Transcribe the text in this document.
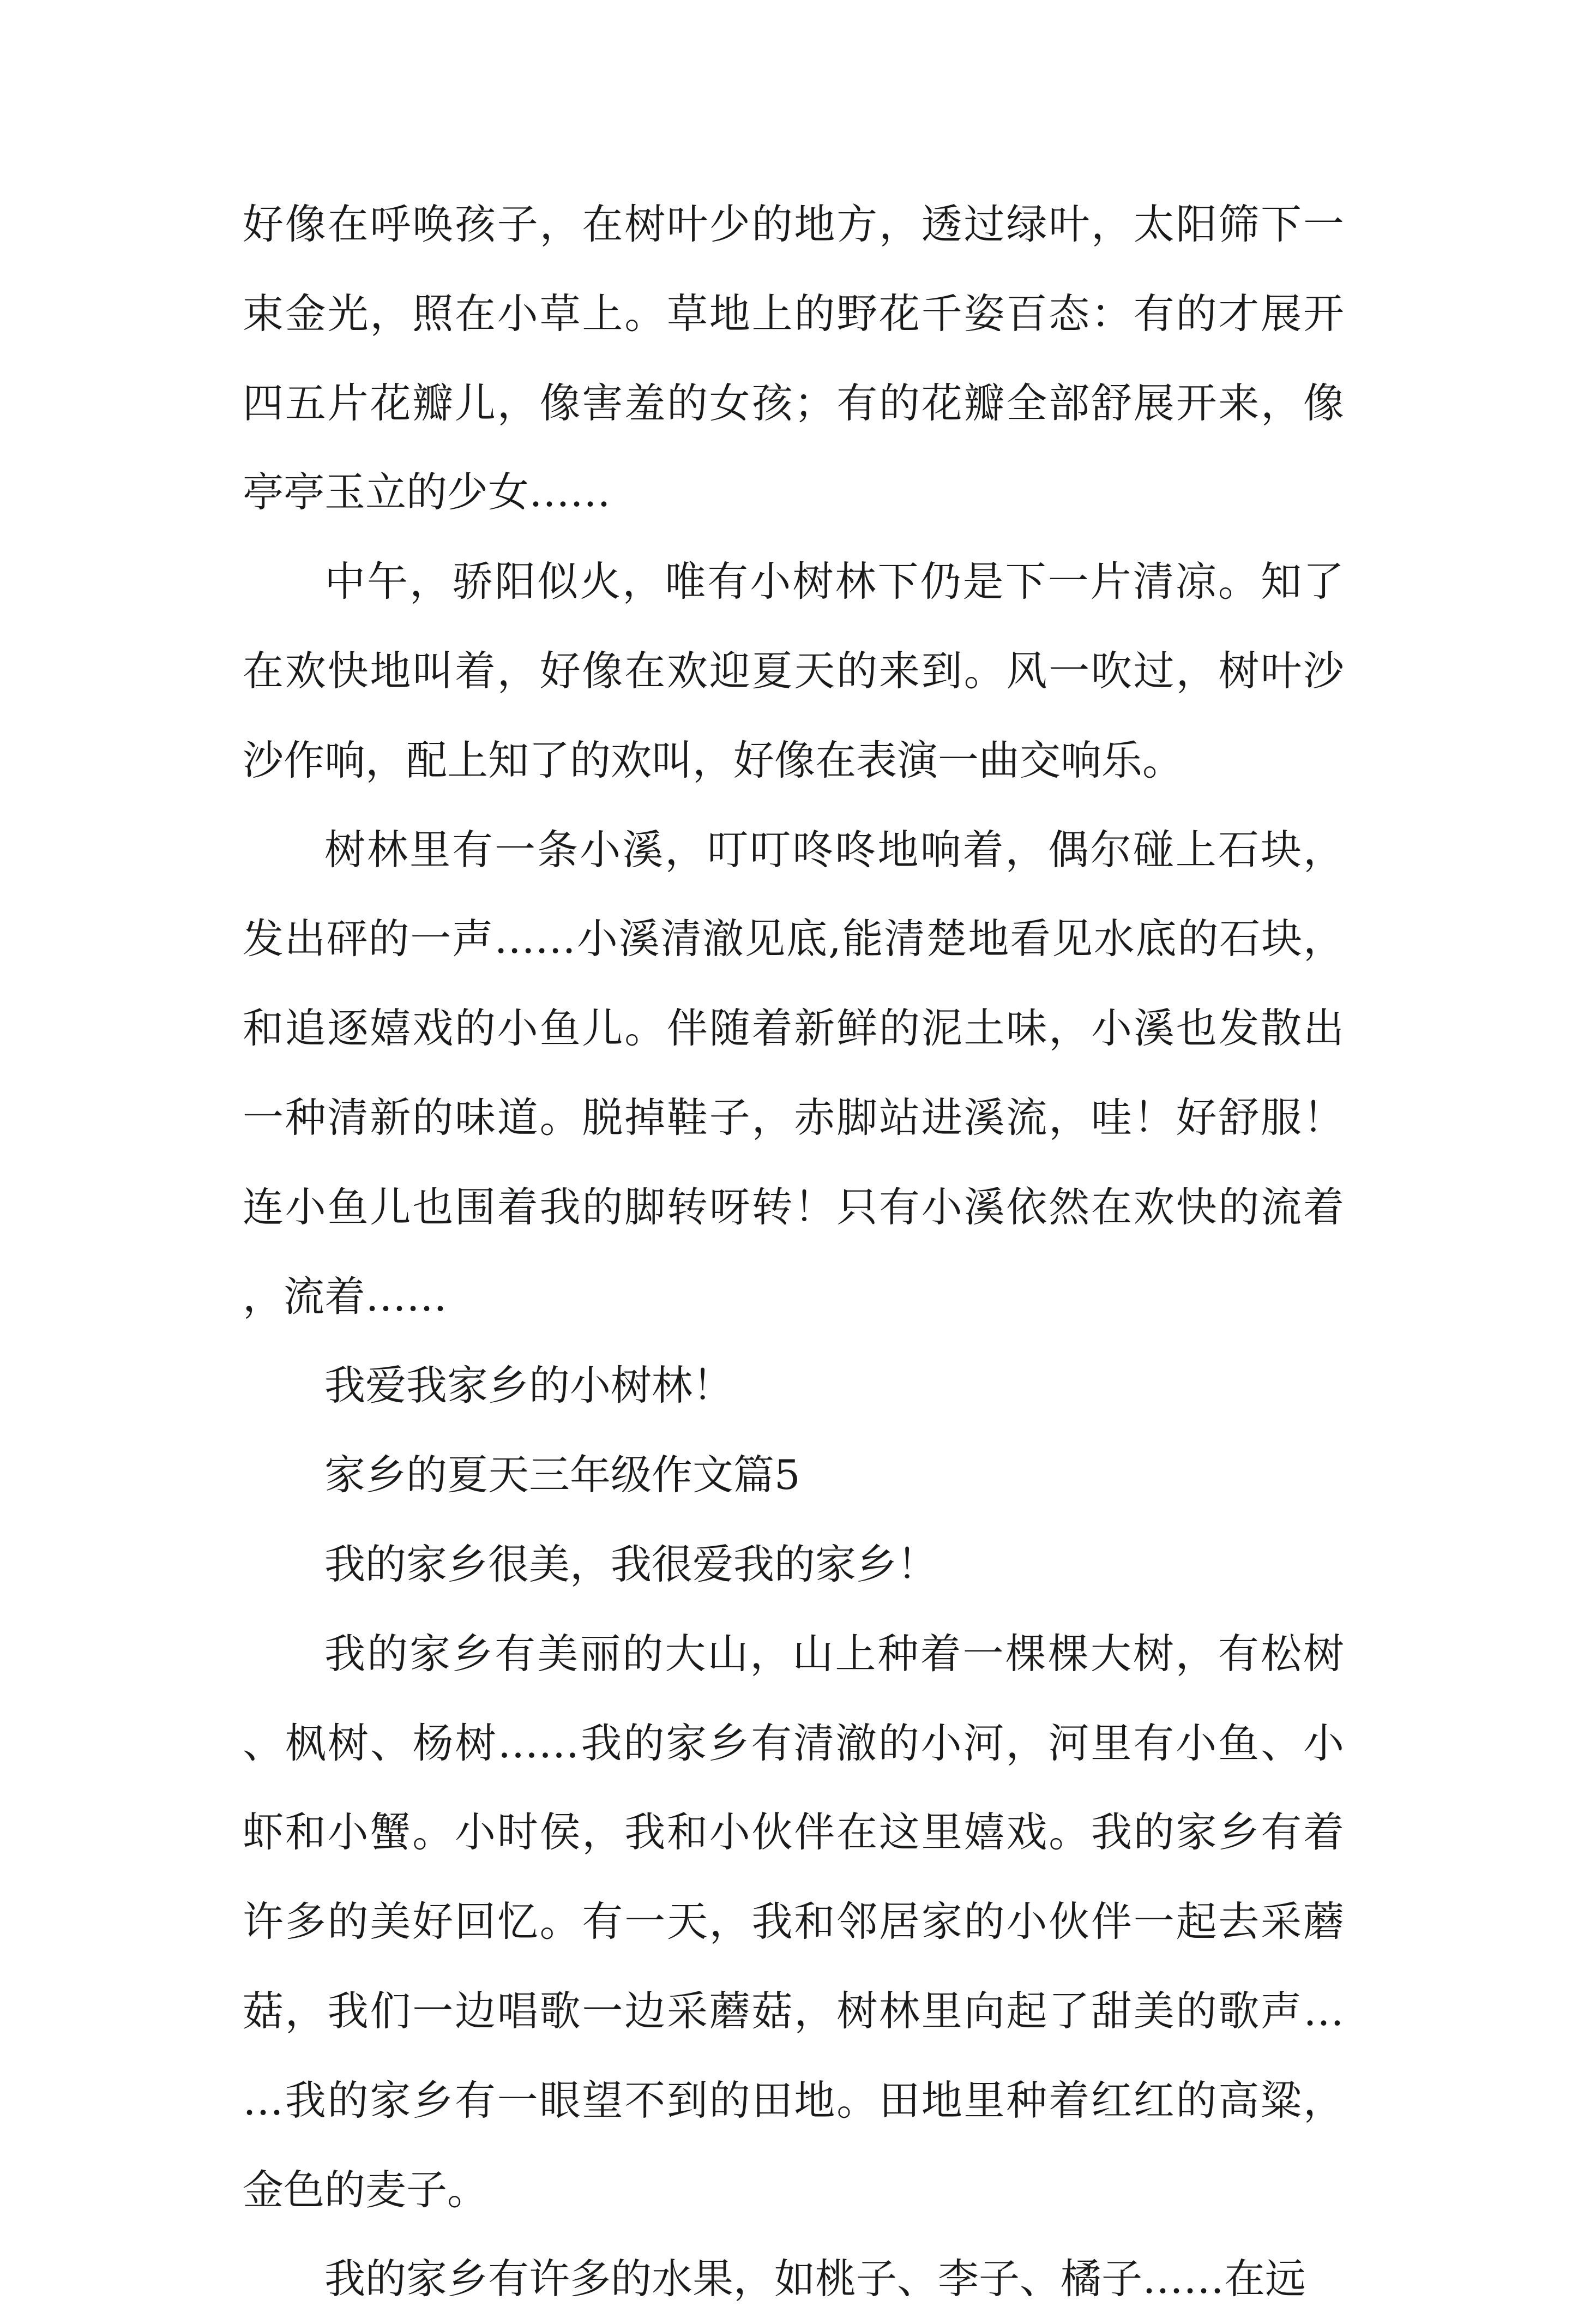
好像在呼唤孩子，在树叶少的地方，透过绿叶，太阳筛下一束金光，照在小草上。草地上的野花千姿百态：有的才展开四五片花瓣儿，像害羞的女孩；有的花瓣全部舒展开来，像亭亭玉立的少女……

中午，骄阳似火，唯有小树林下仍是下一片清凉。知了在欢快地叫着，好像在欢迎夏天的来到。风一吹过，树叶沙沙作响，配上知了的欢叫，好像在表演一曲交响乐。

树林里有一条小溪，叮叮咚咚地响着，偶尔碰上石块，发出砰的一声……小溪清澈见底,能清楚地看见水底的石块，和追逐嬉戏的小鱼儿。伴随着新鲜的泥土味，小溪也发散出一种清新的味道。脱掉鞋子，赤脚站进溪流，哇！好舒服！连小鱼儿也围着我的脚转呀转！只有小溪依然在欢快的流着，流着……

我爱我家乡的小树林！

家乡的夏天三年级作文篇5

我的家乡很美，我很爱我的家乡！

我的家乡有美丽的大山，山上种着一棵棵大树，有松树、枫树、杨树……我的家乡有清澈的小河，河里有小鱼、小虾和小蟹。小时侯，我和小伙伴在这里嬉戏。我的家乡有着许多的美好回忆。有一天，我和邻居家的小伙伴一起去采蘑菇，我们一边唱歌一边采蘑菇，树林里向起了甜美的歌声……我的家乡有一眼望不到的田地。田地里种着红红的高粱，金色的麦子。

我的家乡有许多的水果，如桃子、李子、橘子……在远
